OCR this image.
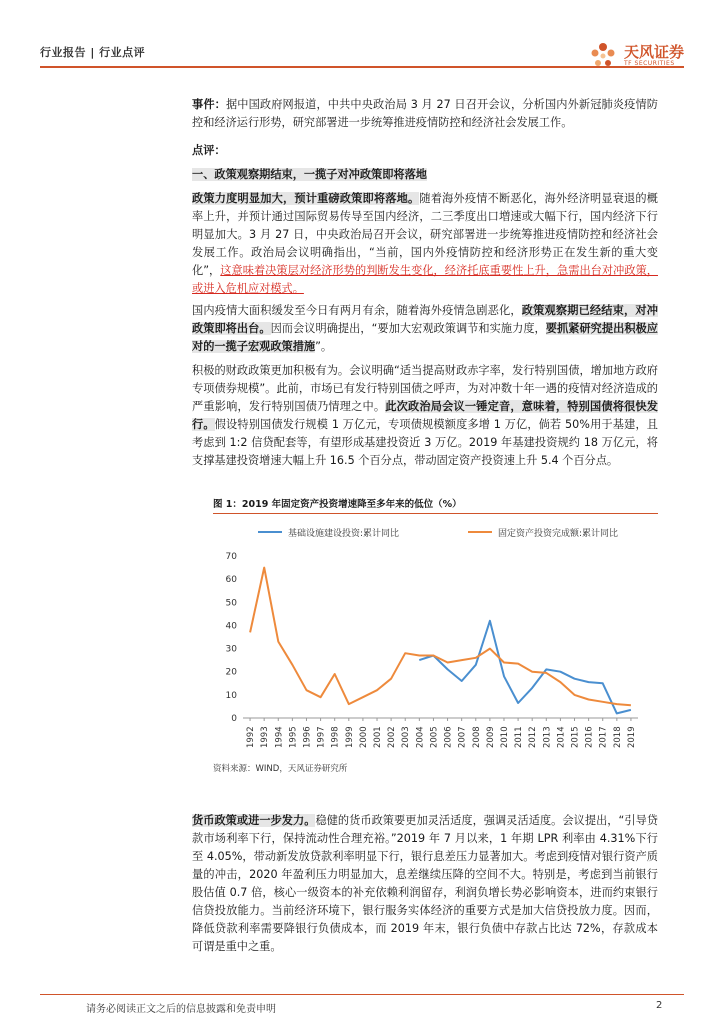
行业报告 | 行业点评	天风证券
TF SECURITIES

事件：据中国政府网报道，中共中央政治局 3 月 27 日召开会议，分析国内外新冠肺炎疫情防控和经济运行形势，研究部署进一步统筹推进疫情防控和经济社会发展工作。

点评：

一、政策观察期结束，一揽子对冲政策即将落地

政策力度明显加大，预计重磅政策即将落地。随着海外疫情不断恶化，海外经济明显衰退的概率上升，并预计通过国际贸易传导至国内经济，二三季度出口増速或大幅下行，国内经济下行明显加大。3 月 27 日，中央政治局召开会议，研究部署进一步统筹推进疫情防控和经济社会发展工作。政治局会议明确指出，“当前，国内外疫情防控和经济形势正在发生新的重大变化”，这意味着决策层对经济形势的判断发生变化，经济托底重要性上升，急需出台对冲政策，或进入危机应对模式。

国内疫情大面积缓发至今日有两月有余，随着海外疫情急剧恶化，政策观察期已经结束，对冲政策即将出台。因而会议明确提出，“要加大宏观政策调节和实施力度，要抓紧研究提出积极应对的一揽子宏观政策措施”。

积极的财政政策更加积极有为。会议明确“适当提高财政赤字率，发行特别国债，增加地方政府专项债券规模”。此前，市场已有发行特别国债之呼声，为对冲数十年一遇的疫情对经济造成的严重影响，发行特别国债乃情理之中。此次政治局会议一锤定音，意味着，特别国债将很快发行。假设特别国债发行规模 1 万亿元，专项债规模额度多增 1 万亿，倘若 50%用于基建，且考虑到 1:2 信贷配套等，有望形成基建投资近 3 万亿。2019 年基建投资规约 18 万亿元，将支撑基建投资增速大幅上升 16.5 个百分点，带动固定资产投资速上升 5.4 个百分点。

图 1：2019 年固定资产投资增速降至多年来的低位（%）
基础设施建设投资:累计同比	固定资产投资完成额:累计同比
0
10
20
30
40
50
60
70
1992 1993 1994 1995 1996 1997 1998 1999 2000 2001 2002 2003 2004 2005 2006 2007 2008 2009 2010 2011 2012 2013 2014 2015 2016 2017 2018 2019
资料来源：WIND，天风证券研究所

货币政策或进一步发力。稳健的货币政策要更加灵活适度，强调灵活适度。会议提出，“引导贷款市场利率下行，保持流动性合理充裕。”2019 年 7 月以来，1 年期 LPR 利率由 4.31%下行至 4.05%，带动新发放贷款利率明显下行，银行息差压力显著加大。考虑到疫情对银行资产质量的冲击，2020 年盈利压力明显加大，息差继续压降的空间不大。特别是，考虑到当前银行股估值 0.7 倍，核心一级资本的补充依赖利润留存，利润负增长势必影响资本，进而约束银行信贷投放能力。当前经济环境下，银行服务实体经济的重要方式是加大信贷投放力度。因而，降低贷款利率需要降银行负债成本，而 2019 年末，银行负债中存款占比达 72%，存款成本可谓是重中之重。

请务必阅读正文之后的信息披露和免责申明	2
